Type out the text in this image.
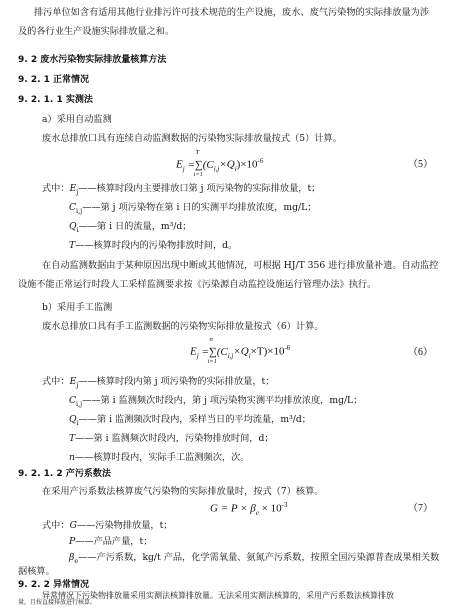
排污单位如含有适用其他行业排污许可技术规范的生产设施，废水、废气污染物的实际排放量为涉
及的各行业生产设施实际排放量之和。
9. 2 废水污染物实际排放量核算方法
9. 2. 1 正常情况
9. 2. 1. 1 实测法
a）采用自动监测
废水总排放口具有连续自动监测数据的污染物实际排放量按式（5）计算。
$E_j =\sum(C$
T
i=1
$_{i,j}\times Q_i)\times 10^{-6}$	（5）
式中：$E_j——$核算时段内主要排放口第 j 项污染物的实际排放量，t；
$C_{i,j}——$第 j 项污染物在第 i 日的实测平均排放浓度，mg/L；
$Q_i——$第 i 日的流量，m³/d；
T——核算时段内的污染物排放时间，d。
在自动监测数据由于某种原因出现中断或其他情况，可根据 HJ/T 356 进行排放量补遗。自动监控
设施不能正常运行时段人工采样监测要求按《污染源自动监控设施运行管理办法》执行。
b）采用手工监测
废水总排放口具有手工监测数据的污染物实际排放量按式（6）计算。
$E_j =\sum(C$
n
i=1
$_{i,j}\times Q_i\times T)\times 10^{-6}$	（6）
式中：$E_j——$核算时段内第 j 项污染物的实际排放量，t；
$C_{i,j}——$第 i 监测频次时段内，第 j 项污染物实测平均排放浓度，mg/L；
$Q_i——$第 i 监测频次时段内，采样当日的平均流量，m³/d；
T——第 i 监测频次时段内，污染物排放时间，d；
n——核算时段内，实际手工监测频次，次。
9. 2. 1. 2 产污系数法
在采用产污系数法核算废气污染物的实际排放量时，按式（7）核算。
$G = P \times \beta_e \times 10^{-3}$	（7）
式中：G——污染物排放量，t；
P——产品产量，t；
$\beta_e——$产污系数，kg/t 产品，化学需氧量、氨氮产污系数，按照全国污染源普查成果相关数
据核算。
9. 2. 2 异常情况
异常情况下污染物排放量采用实测法核算排放量。无法采用实测法核算的，采用产污系数法核算排放
量，且按直接排放进行核算。
